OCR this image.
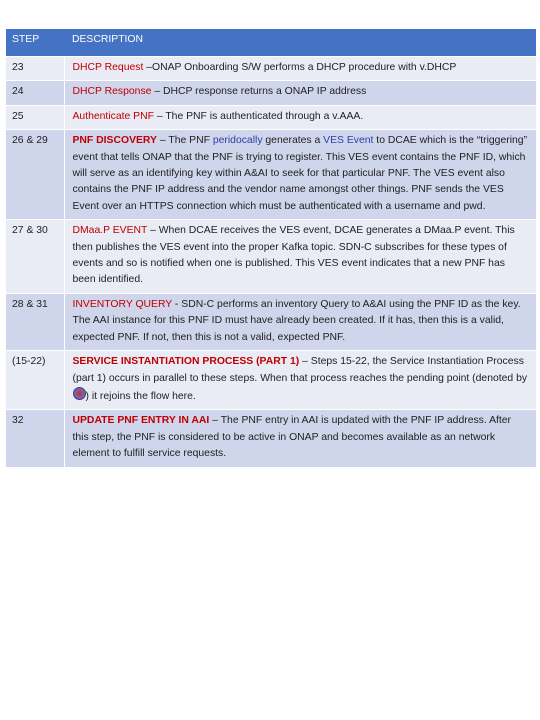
STEP	DESCRIPTION
23	DHCP Request –ONAP Onboarding S/W performs a DHCP procedure with v.DHCP
24	DHCP Response – DHCP response returns a ONAP IP address
25	Authenticate PNF – The PNF is authenticated through a v.AAA.
26 & 29	PNF DISCOVERY – The PNF peridocally generates a VES Event to DCAE which is the “triggering” event that tells ONAP that the PNF is trying to register. This VES event contains the PNF ID, which will serve as an identifying key within A&AI to seek for that particular PNF. The VES event also contains the PNF IP address and the vendor name amongst other things. PNF sends the VES Event over an HTTPS connection which must be authenticated with a username and pwd.
27 & 30	DMaa.P EVENT – When DCAE receives the VES event, DCAE generates a DMaa.P event. This then publishes the VES event into the proper Kafka topic. SDN-C subscribes for these types of events and so is notified when one is published. This VES event indicates that a new PNF has been identified.
28 & 31	INVENTORY QUERY - SDN-C performs an inventory Query to A&AI using the PNF ID as the key. The AAI instance for this PNF ID must have already been created. If it has, then this is a valid, expected PNF. If not, then this is not a valid, expected PNF.
(15-22)	SERVICE INSTANTIATION PROCESS (PART 1) – Steps 15-22, the Service Instantiation Process (part 1) occurs in parallel to these steps. When that process reaches the pending point (denoted by ) it rejoins the flow here.
32	UPDATE PNF ENTRY IN AAI – The PNF entry in AAI is updated with the PNF IP address. After this step, the PNF is considered to be active in ONAP and becomes available as an network element to fulfill service requests.
